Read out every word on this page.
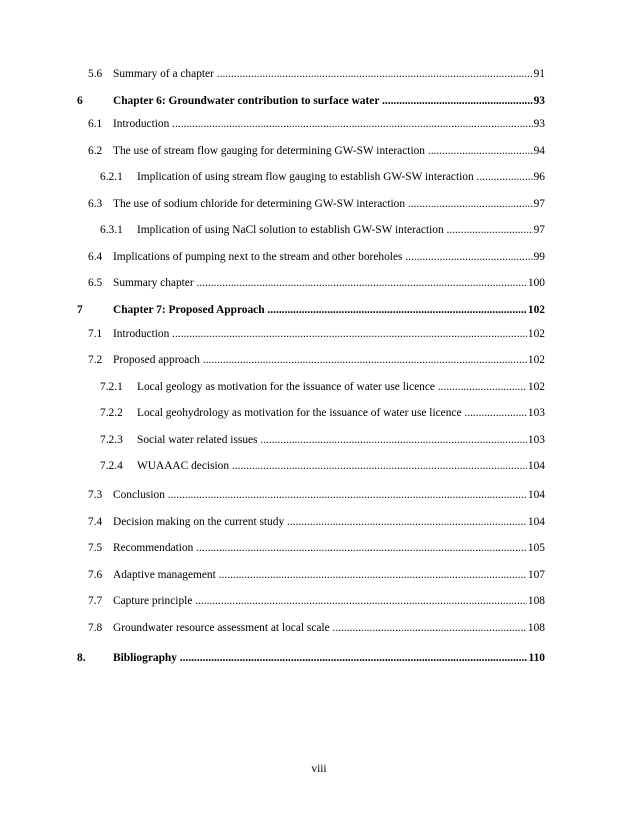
5.6 Summary of a chapter .....	91
6	Chapter 6: Groundwater contribution to surface water .....	93
6.1 Introduction .....	93
6.2 The use of stream flow gauging for determining GW-SW interaction .....	94
6.2.1 Implication of using stream flow gauging to establish GW-SW interaction .....	96
6.3 The use of sodium chloride for determining GW-SW interaction .....	97
6.3.1 Implication of using NaCl solution to establish GW-SW interaction .....	97
6.4 Implications of pumping next to the stream and other boreholes .....	99
6.5 Summary chapter .....	100
7	Chapter 7: Proposed Approach .....	102
7.1 Introduction .....	102
7.2 Proposed approach .....	102
7.2.1 Local geology as motivation for the issuance of water use licence .....	102
7.2.2 Local geohydrology as motivation for the issuance of water use licence .....	103
7.2.3 Social water related issues .....	103
7.2.4 WUAAAC decision .....	104
7.3 Conclusion .....	104
7.4 Decision making on the current study .....	104
7.5 Recommendation .....	105
7.6 Adaptive management .....	107
7.7 Capture principle .....	108
7.8 Groundwater resource assessment at local scale .....	108
8. Bibliography .....	110
viii
